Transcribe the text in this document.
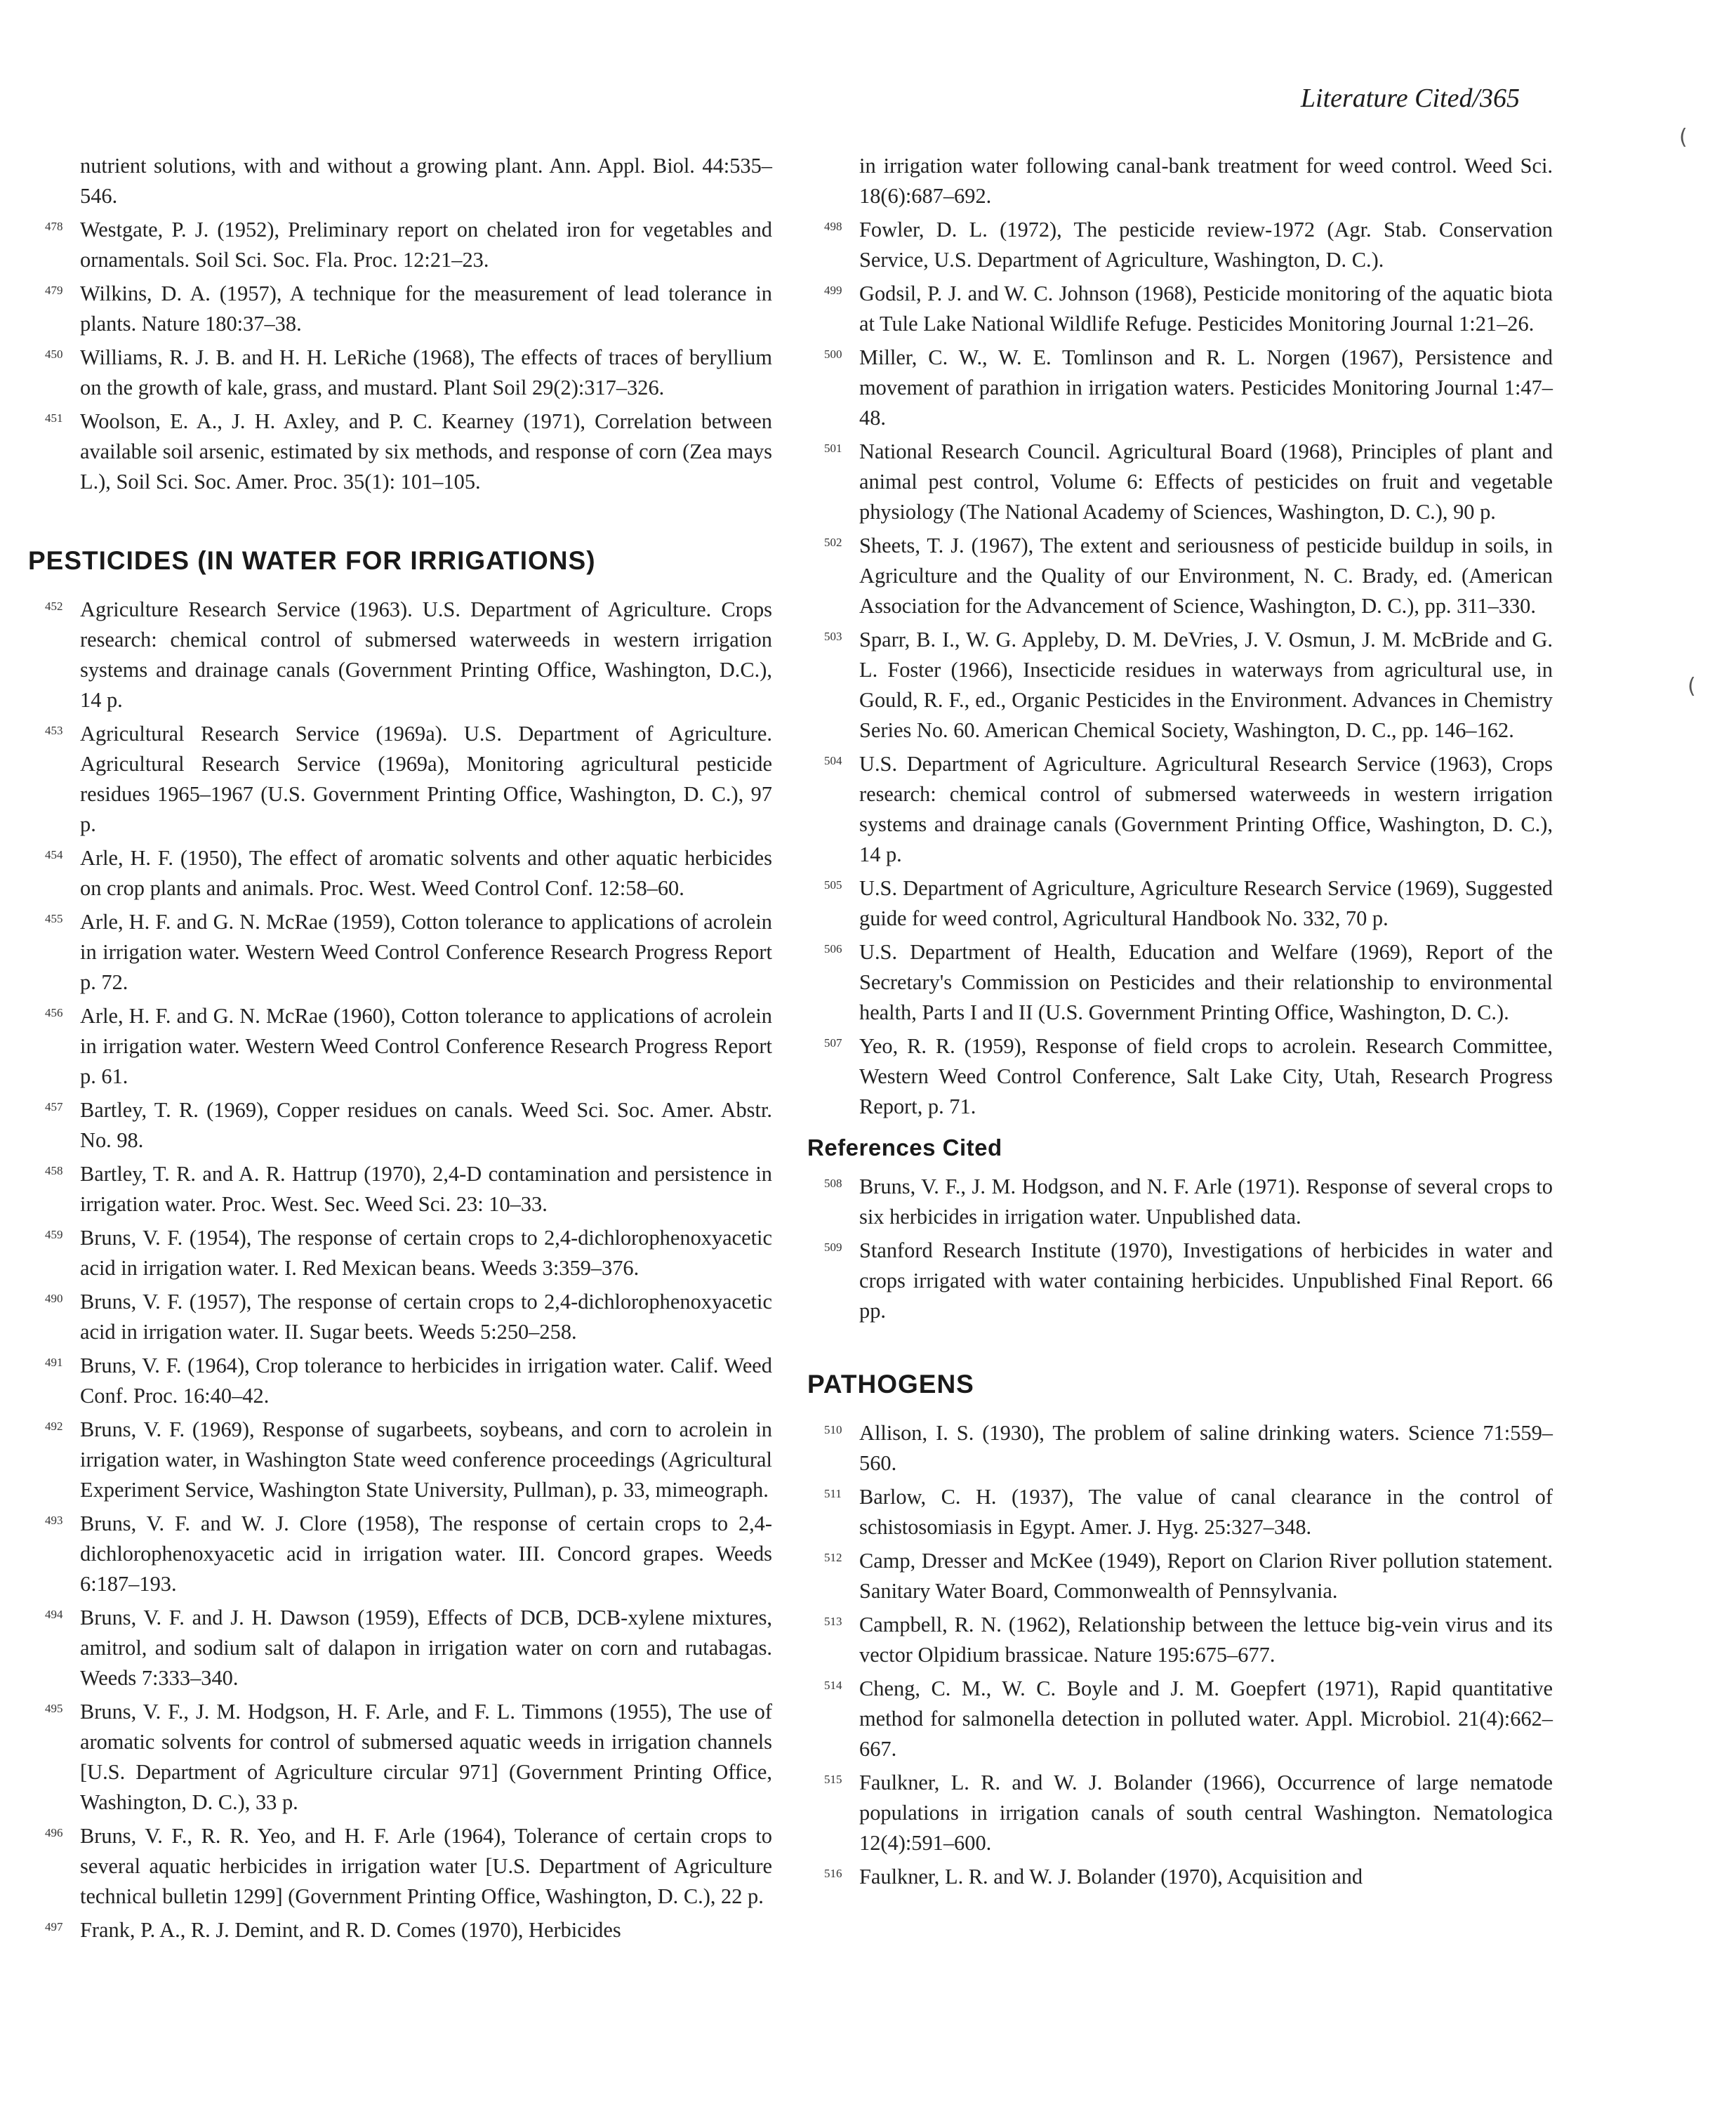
Literature Cited/365

nutrient solutions, with and without a growing plant. Ann. Appl. Biol. 44:535–546.

478 Westgate, P. J. (1952), Preliminary report on chelated iron for vegetables and ornamentals. Soil Sci. Soc. Fla. Proc. 12:21–23.

479 Wilkins, D. A. (1957), A technique for the measurement of lead tolerance in plants. Nature 180:37–38.

450 Williams, R. J. B. and H. H. LeRiche (1968), The effects of traces of beryllium on the growth of kale, grass, and mustard. Plant Soil 29(2):317–326.

451 Woolson, E. A., J. H. Axley, and P. C. Kearney (1971), Correlation between available soil arsenic, estimated by six methods, and response of corn (Zea mays L.), Soil Sci. Soc. Amer. Proc. 35(1): 101–105.

PESTICIDES (IN WATER FOR IRRIGATIONS)

452 Agriculture Research Service (1963). U.S. Department of Agriculture. Crops research: chemical control of submersed waterweeds in western irrigation systems and drainage canals (Government Printing Office, Washington, D.C.), 14 p.

453 Agricultural Research Service (1969a). U.S. Department of Agriculture. Agricultural Research Service (1969a), Monitoring agricultural pesticide residues 1965–1967 (U.S. Government Printing Office, Washington, D. C.), 97 p.

454 Arle, H. F. (1950), The effect of aromatic solvents and other aquatic herbicides on crop plants and animals. Proc. West. Weed Control Conf. 12:58–60.

455 Arle, H. F. and G. N. McRae (1959), Cotton tolerance to applications of acrolein in irrigation water. Western Weed Control Conference Research Progress Report p. 72.

456 Arle, H. F. and G. N. McRae (1960), Cotton tolerance to applications of acrolein in irrigation water. Western Weed Control Conference Research Progress Report p. 61.

457 Bartley, T. R. (1969), Copper residues on canals. Weed Sci. Soc. Amer. Abstr. No. 98.

458 Bartley, T. R. and A. R. Hattrup (1970), 2,4-D contamination and persistence in irrigation water. Proc. West. Sec. Weed Sci. 23: 10–33.

459 Bruns, V. F. (1954), The response of certain crops to 2,4-dichlorophenoxyacetic acid in irrigation water. I. Red Mexican beans. Weeds 3:359–376.

490 Bruns, V. F. (1957), The response of certain crops to 2,4-dichlorophenoxyacetic acid in irrigation water. II. Sugar beets. Weeds 5:250–258.

491 Bruns, V. F. (1964), Crop tolerance to herbicides in irrigation water. Calif. Weed Conf. Proc. 16:40–42.

492 Bruns, V. F. (1969), Response of sugarbeets, soybeans, and corn to acrolein in irrigation water, in Washington State weed conference proceedings (Agricultural Experiment Service, Washington State University, Pullman), p. 33, mimeograph.

493 Bruns, V. F. and W. J. Clore (1958), The response of certain crops to 2,4-dichlorophenoxyacetic acid in irrigation water. III. Concord grapes. Weeds 6:187–193.

494 Bruns, V. F. and J. H. Dawson (1959), Effects of DCB, DCB-xylene mixtures, amitrol, and sodium salt of dalapon in irrigation water on corn and rutabagas. Weeds 7:333–340.

495 Bruns, V. F., J. M. Hodgson, H. F. Arle, and F. L. Timmons (1955), The use of aromatic solvents for control of submersed aquatic weeds in irrigation channels [U.S. Department of Agriculture circular 971] (Government Printing Office, Washington, D. C.), 33 p.

496 Bruns, V. F., R. R. Yeo, and H. F. Arle (1964), Tolerance of certain crops to several aquatic herbicides in irrigation water [U.S. Department of Agriculture technical bulletin 1299] (Government Printing Office, Washington, D. C.), 22 p.

497 Frank, P. A., R. J. Demint, and R. D. Comes (1970), Herbicides

in irrigation water following canal-bank treatment for weed control. Weed Sci. 18(6):687–692.

498 Fowler, D. L. (1972), The pesticide review-1972 (Agr. Stab. Conservation Service, U.S. Department of Agriculture, Washington, D. C.).

499 Godsil, P. J. and W. C. Johnson (1968), Pesticide monitoring of the aquatic biota at Tule Lake National Wildlife Refuge. Pesticides Monitoring Journal 1:21–26.

500 Miller, C. W., W. E. Tomlinson and R. L. Norgen (1967), Persistence and movement of parathion in irrigation waters. Pesticides Monitoring Journal 1:47–48.

501 National Research Council. Agricultural Board (1968), Principles of plant and animal pest control, Volume 6: Effects of pesticides on fruit and vegetable physiology (The National Academy of Sciences, Washington, D. C.), 90 p.

502 Sheets, T. J. (1967), The extent and seriousness of pesticide buildup in soils, in Agriculture and the Quality of our Environment, N. C. Brady, ed. (American Association for the Advancement of Science, Washington, D. C.), pp. 311–330.

503 Sparr, B. I., W. G. Appleby, D. M. DeVries, J. V. Osmun, J. M. McBride and G. L. Foster (1966), Insecticide residues in waterways from agricultural use, in Gould, R. F., ed., Organic Pesticides in the Environment. Advances in Chemistry Series No. 60. American Chemical Society, Washington, D. C., pp. 146–162.

504 U.S. Department of Agriculture. Agricultural Research Service (1963), Crops research: chemical control of submersed waterweeds in western irrigation systems and drainage canals (Government Printing Office, Washington, D. C.), 14 p.

505 U.S. Department of Agriculture, Agriculture Research Service (1969), Suggested guide for weed control, Agricultural Handbook No. 332, 70 p.

506 U.S. Department of Health, Education and Welfare (1969), Report of the Secretary's Commission on Pesticides and their relationship to environmental health, Parts I and II (U.S. Government Printing Office, Washington, D. C.).

507 Yeo, R. R. (1959), Response of field crops to acrolein. Research Committee, Western Weed Control Conference, Salt Lake City, Utah, Research Progress Report, p. 71.

References Cited

508 Bruns, V. F., J. M. Hodgson, and N. F. Arle (1971). Response of several crops to six herbicides in irrigation water. Unpublished data.

509 Stanford Research Institute (1970), Investigations of herbicides in water and crops irrigated with water containing herbicides. Unpublished Final Report. 66 pp.

PATHOGENS

510 Allison, I. S. (1930), The problem of saline drinking waters. Science 71:559–560.

511 Barlow, C. H. (1937), The value of canal clearance in the control of schistosomiasis in Egypt. Amer. J. Hyg. 25:327–348.

512 Camp, Dresser and McKee (1949), Report on Clarion River pollution statement. Sanitary Water Board, Commonwealth of Pennsylvania.

513 Campbell, R. N. (1962), Relationship between the lettuce big-vein virus and its vector Olpidium brassicae. Nature 195:675–677.

514 Cheng, C. M., W. C. Boyle and J. M. Goepfert (1971), Rapid quantitative method for salmonella detection in polluted water. Appl. Microbiol. 21(4):662–667.

515 Faulkner, L. R. and W. J. Bolander (1966), Occurrence of large nematode populations in irrigation canals of south central Washington. Nematologica 12(4):591–600.

516 Faulkner, L. R. and W. J. Bolander (1970), Acquisition and

(
(
